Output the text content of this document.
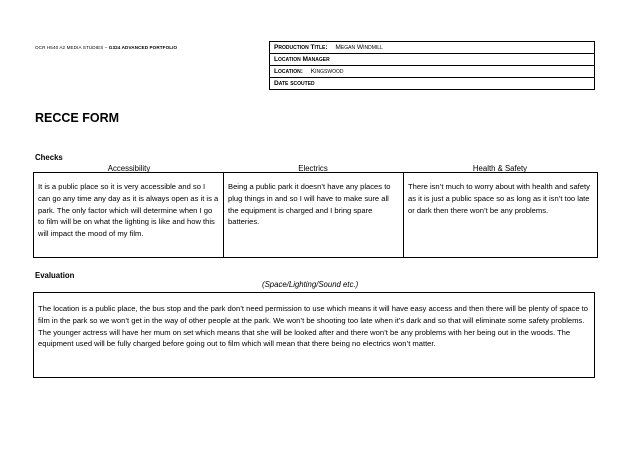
OCR H540 A2 MEDIA STUDIES – G324 ADVANCED PORTFOLIO	Production Title: Megan Windmill
Location Manager
Location: Kingswood
Date scouted
RECCE FORM
Checks
Accessibility	Electrics	Health & Safety
It is a public place so it is very accessible and so I can go any time any day as it is always open as it is a park. The only factor which will determine when I go to film will be on what the lighting is like and how this will impact the mood of my film.	Being a public park it doesn’t have any places to plug things in and so I will have to make sure all the equipment is charged and I bring spare batteries.	There isn’t much to worry about with health and safety as it is just a public space so as long as it isn’t too late or dark then there won’t be any problems.
Evaluation
(Space/Lighting/Sound etc.)
The location is a public place, the bus stop and the park don’t need permission to use which means it will have easy access and then there will be plenty of space to film in the park so we won’t get in the way of other people at the park. We won’t be shooting too late when it’s dark and so that will eliminate some safety problems. The younger actress will have her mum on set which means that she will be looked after and there won’t be any problems with her being out in the woods. The equipment used will be fully charged before going out to film which will mean that there being no electrics won’t matter.
